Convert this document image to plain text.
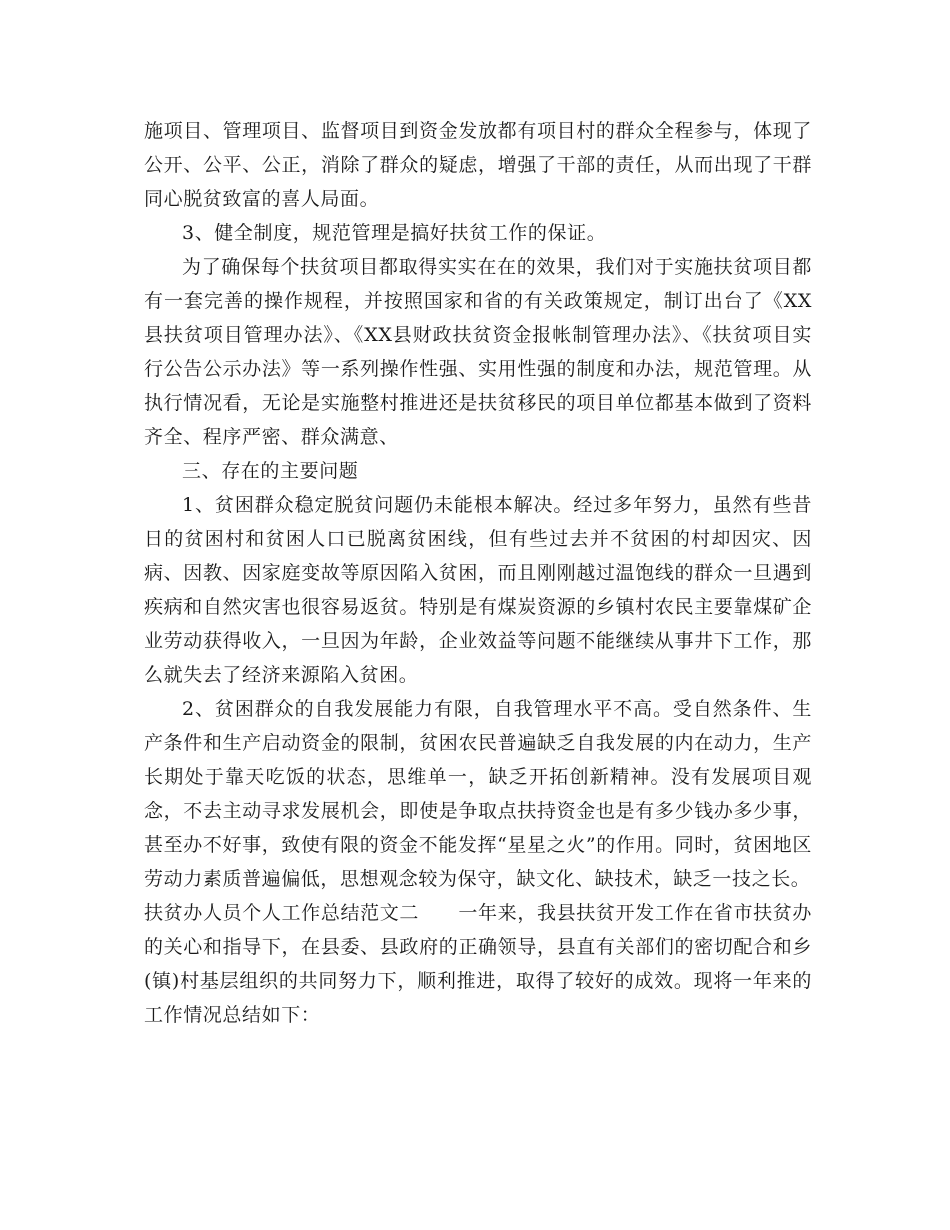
施项目、管理项目、监督项目到资金发放都有项目村的群众全程参与，体现了公开、公平、公正，消除了群众的疑虑，增强了干部的责任，从而出现了干群同心脱贫致富的喜人局面。

3、健全制度，规范管理是搞好扶贫工作的保证。

为了确保每个扶贫项目都取得实实在在的效果，我们对于实施扶贫项目都有一套完善的操作规程，并按照国家和省的有关政策规定，制订出台了《XX县扶贫项目管理办法》、《XX县财政扶贫资金报帐制管理办法》、《扶贫项目实行公告公示办法》等一系列操作性强、实用性强的制度和办法，规范管理。从执行情况看，无论是实施整村推进还是扶贫移民的项目单位都基本做到了资料齐全、程序严密、群众满意、

三、存在的主要问题

1、贫困群众稳定脱贫问题仍未能根本解决。经过多年努力，虽然有些昔日的贫困村和贫困人口已脱离贫困线，但有些过去并不贫困的村却因灾、因病、因教、因家庭变故等原因陷入贫困，而且刚刚越过温饱线的群众一旦遇到疾病和自然灾害也很容易返贫。特别是有煤炭资源的乡镇村农民主要靠煤矿企业劳动获得收入，一旦因为年龄，企业效益等问题不能继续从事井下工作，那么就失去了经济来源陷入贫困。

2、贫困群众的自我发展能力有限，自我管理水平不高。受自然条件、生产条件和生产启动资金的限制，贫困农民普遍缺乏自我发展的内在动力，生产长期处于靠天吃饭的状态，思维单一，缺乏开拓创新精神。没有发展项目观念，不去主动寻求发展机会，即使是争取点扶持资金也是有多少钱办多少事，甚至办不好事，致使有限的资金不能发挥“星星之火”的作用。同时，贫困地区劳动力素质普遍偏低，思想观念较为保守，缺文化、缺技术，缺乏一技之长。

扶贫办人员个人工作总结范文二　　一年来，我县扶贫开发工作在省市扶贫办的关心和指导下，在县委、县政府的正确领导，县直有关部们的密切配合和乡(镇)村基层组织的共同努力下，顺利推进，取得了较好的成效。现将一年来的工作情况总结如下：
